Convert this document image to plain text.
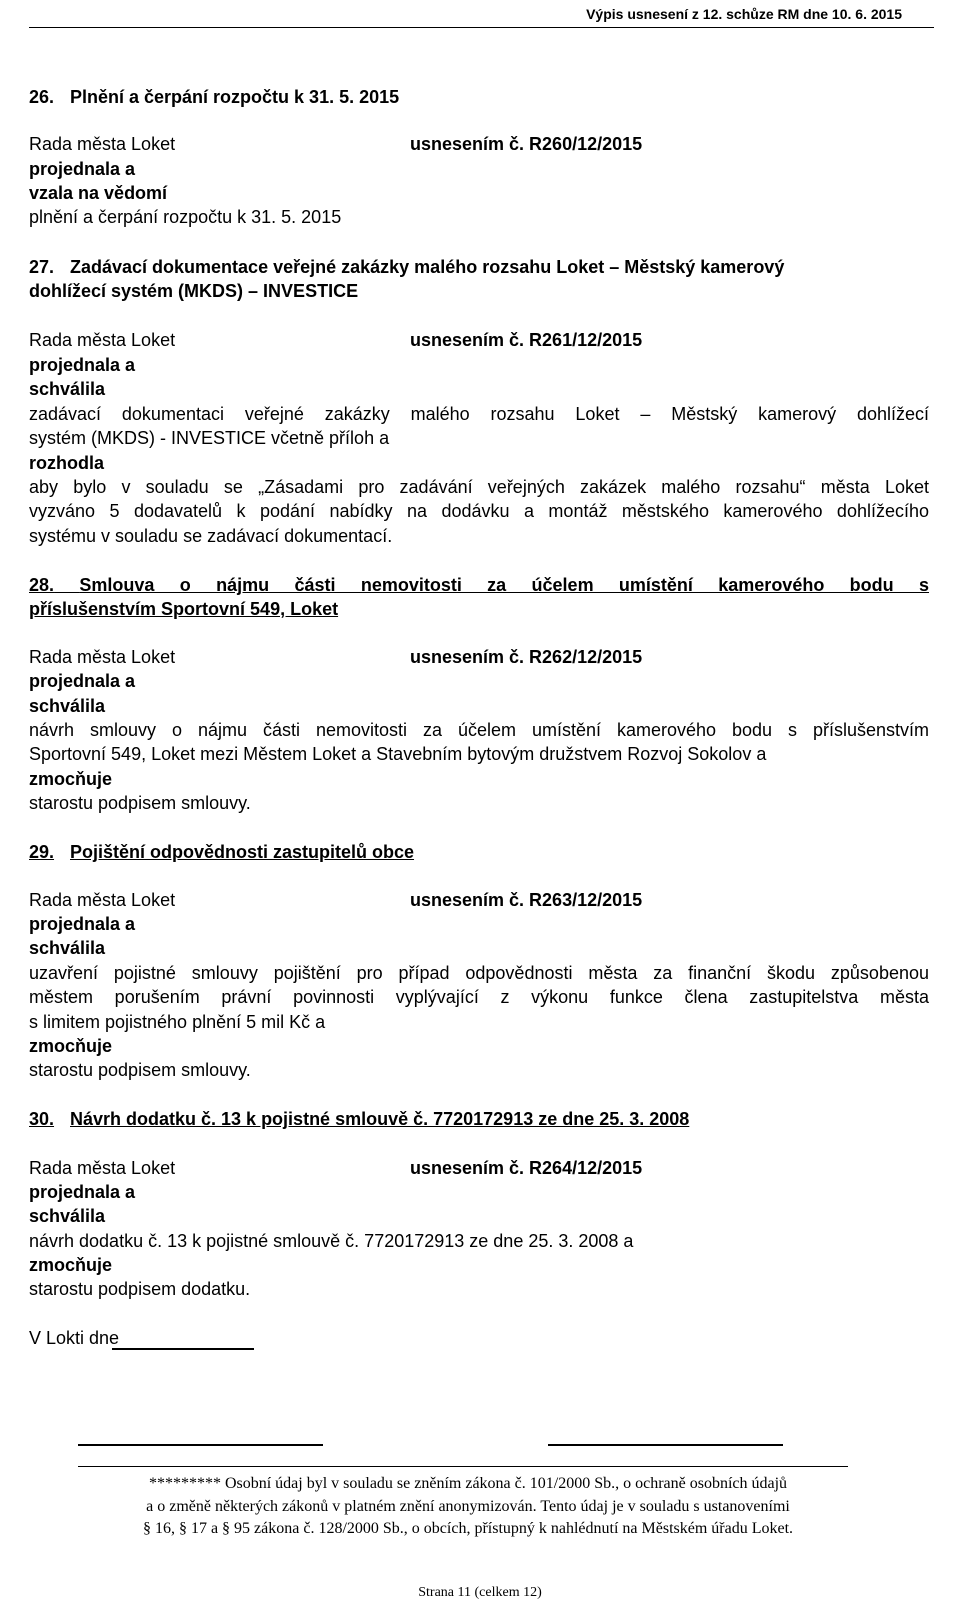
Výpis usnesení z 12. schůze RM dne 10. 6. 2015
26. Plnění a čerpání rozpočtu k 31. 5. 2015
Rada města Loket	usnesením č. R260/12/2015
projednala a
vzala na vědomí
plnění a čerpání rozpočtu k 31. 5. 2015
27. Zadávací dokumentace veřejné zakázky malého rozsahu Loket – Městský kamerový
dohlížecí systém (MKDS) – INVESTICE
Rada města Loket	usnesením č. R261/12/2015
projednala a
schválila
zadávací dokumentaci veřejné zakázky malého rozsahu Loket – Městský kamerový dohlížecí
systém (MKDS) - INVESTICE včetně příloh a
rozhodla
aby bylo v souladu se „Zásadami pro zadávání veřejných zakázek malého rozsahu“ města Loket
vyzváno 5 dodavatelů k podání nabídky na dodávku a montáž městského kamerového dohlížecího
systému v souladu se zadávací dokumentací.
28. Smlouva o nájmu části nemovitosti za účelem umístění kamerového bodu s
příslušenstvím Sportovní 549, Loket
Rada města Loket	usnesením č. R262/12/2015
projednala a
schválila
návrh smlouvy o nájmu části nemovitosti za účelem umístění kamerového bodu s příslušenstvím
Sportovní 549, Loket mezi Městem Loket a Stavebním bytovým družstvem Rozvoj Sokolov a
zmocňuje
starostu podpisem smlouvy.
29. Pojištění odpovědnosti zastupitelů obce
Rada města Loket	usnesením č. R263/12/2015
projednala a
schválila
uzavření pojistné smlouvy pojištění pro případ odpovědnosti města za finanční škodu způsobenou
městem porušením právní povinnosti vyplývající z výkonu funkce člena zastupitelstva města
s limitem pojistného plnění 5 mil Kč a
zmocňuje
starostu podpisem smlouvy.
30. Návrh dodatku č. 13 k pojistné smlouvě č. 7720172913 ze dne 25. 3. 2008
Rada města Loket	usnesením č. R264/12/2015
projednala a
schválila
návrh dodatku č. 13 k pojistné smlouvě č. 7720172913 ze dne 25. 3. 2008 a
zmocňuje
starostu podpisem dodatku.
V Lokti dne
********* Osobní údaj byl v souladu se zněním zákona č. 101/2000 Sb., o ochraně osobních údajů
a o změně některých zákonů v platném znění anonymizován. Tento údaj je v souladu s ustanoveními
§ 16, § 17 a § 95 zákona č. 128/2000 Sb., o obcích, přístupný k nahlédnutí na Městském úřadu Loket.
Strana 11 (celkem 12)
